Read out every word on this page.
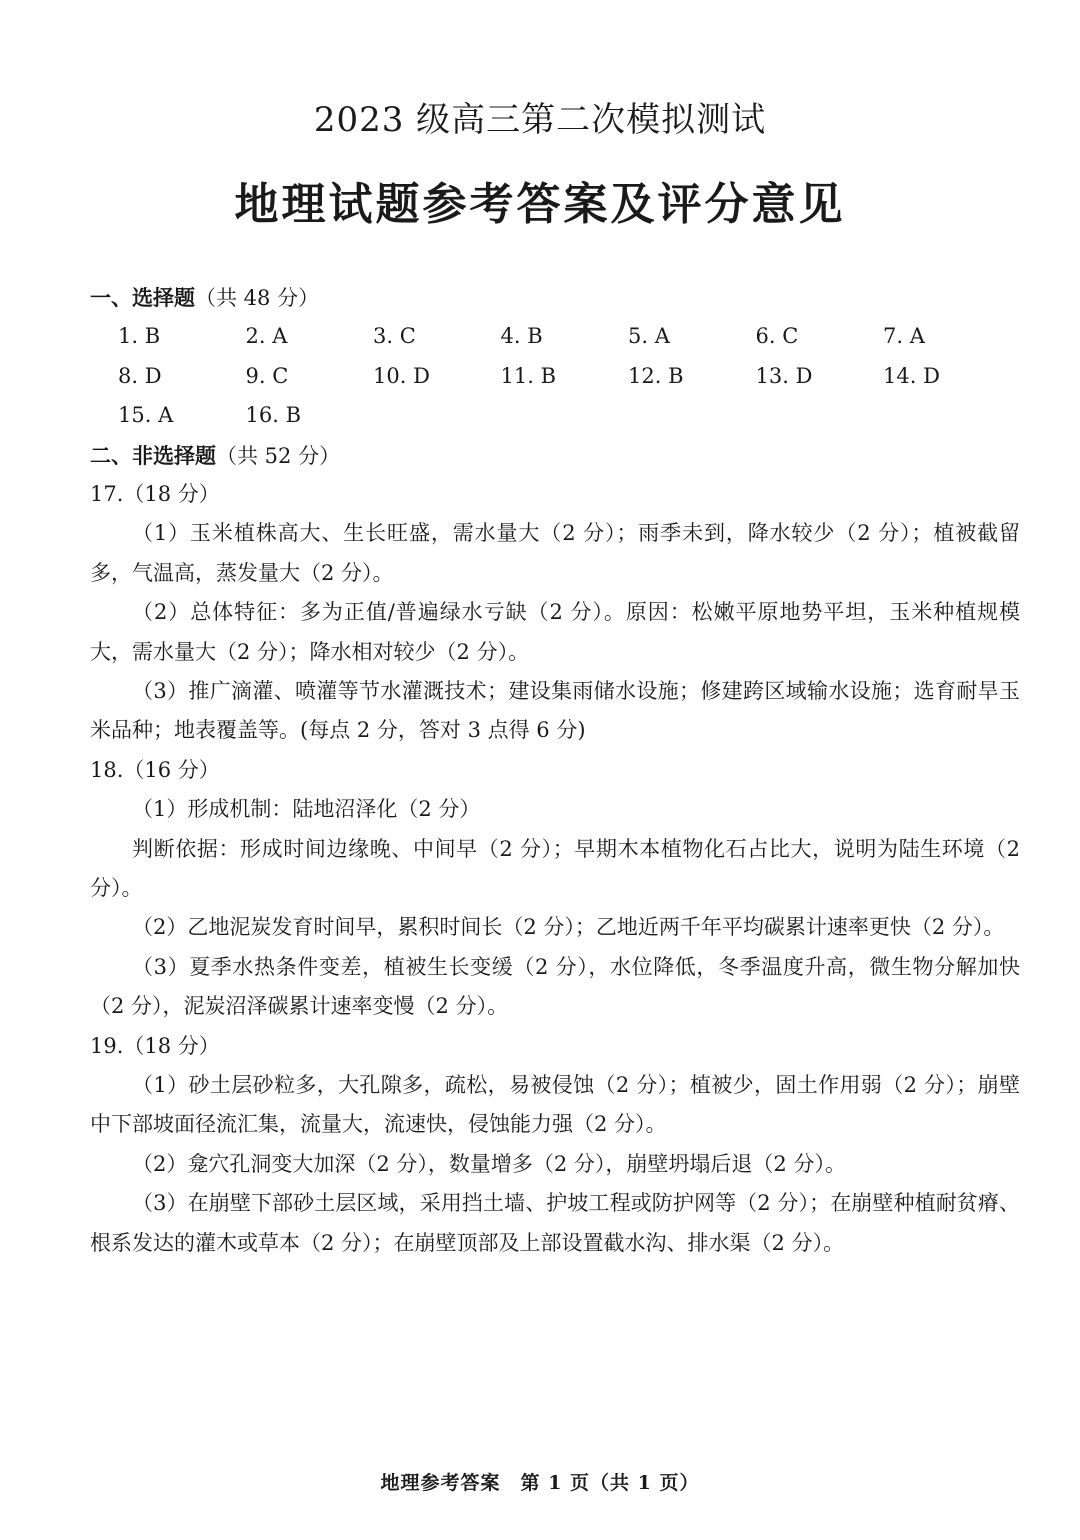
2023 级高三第二次模拟测试
地理试题参考答案及评分意见
一、选择题（共 48 分）
1. B	2. A	3. C	4. B	5. A	6. C	7. A
8. D	9. C	10. D	11. B	12. B	13. D	14. D
15. A	16. B
二、非选择题（共 52 分）
17.（18 分）
（1）玉米植株高大、生长旺盛，需水量大（2 分）；雨季未到，降水较少（2 分）；植被截留多，气温高，蒸发量大（2 分）。
（2）总体特征：多为正值/普遍绿水亏缺（2 分）。原因：松嫩平原地势平坦，玉米种植规模大，需水量大（2 分）；降水相对较少（2 分）。
（3）推广滴灌、喷灌等节水灌溉技术；建设集雨储水设施；修建跨区域输水设施；选育耐旱玉米品种；地表覆盖等。(每点 2 分，答对 3 点得 6 分)
18.（16 分）
（1）形成机制：陆地沼泽化（2 分）
判断依据：形成时间边缘晚、中间早（2 分）；早期木本植物化石占比大，说明为陆生环境（2 分）。
（2）乙地泥炭发育时间早，累积时间长（2 分）；乙地近两千年平均碳累计速率更快（2 分）。
（3）夏季水热条件变差，植被生长变缓（2 分），水位降低，冬季温度升高，微生物分解加快（2 分），泥炭沼泽碳累计速率变慢（2 分）。
19.（18 分）
（1）砂土层砂粒多，大孔隙多，疏松，易被侵蚀（2 分）；植被少，固土作用弱（2 分）；崩壁中下部坡面径流汇集，流量大，流速快，侵蚀能力强（2 分）。
（2）龛穴孔洞变大加深（2 分），数量增多（2 分），崩壁坍塌后退（2 分）。
（3）在崩壁下部砂土层区域，采用挡土墙、护坡工程或防护网等（2 分）；在崩壁种植耐贫瘠、根系发达的灌木或草本（2 分）；在崩壁顶部及上部设置截水沟、排水渠（2 分）。
地理参考答案　第 1 页（共 1 页）
